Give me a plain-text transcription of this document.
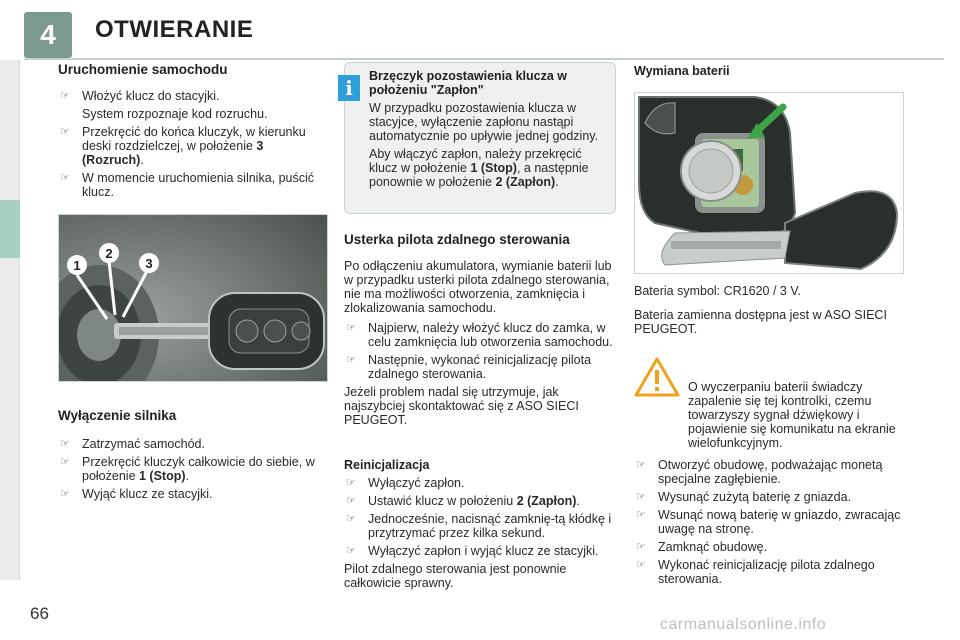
4	OTWIERANIE
Uruchomienie samochodu
☞ Włożyć klucz do stacyjki.
System rozpoznaje kod rozruchu.
☞ Przekręcić do końca kluczyk, w kierunku deski rozdzielczej, w położenie 3 (Rozruch).
☞ W momencie uruchomienia silnika, puścić klucz.
1
2
3
Wyłączenie silnika
☞ Zatrzymać samochód.
☞ Przekręcić kluczyk całkowicie do siebie, w położenie 1 (Stop).
☞ Wyjąć klucz ze stacyjki.
Brzęczyk pozostawienia klucza w położeniu "Zapłon"
W przypadku pozostawienia klucza w stacyjce, wyłączenie zapłonu nastąpi automatycznie po upływie jednej godziny.
Aby włączyć zapłon, należy przekręcić klucz w położenie 1 (Stop), a następnie ponownie w położenie 2 (Zapłon).
i
Usterka pilota zdalnego sterowania
Po odłączeniu akumulatora, wymianie baterii lub w przypadku usterki pilota zdalnego sterowania, nie ma możliwości otworzenia, zamknięcia i zlokalizowania samochodu.
☞ Najpierw, należy włożyć klucz do zamka, w celu zamknięcia lub otworzenia samochodu.
☞ Następnie, wykonać reinicjalizację pilota zdalnego sterowania.
Jeżeli problem nadal się utrzymuje, jak najszybciej skontaktować się z ASO SIECI PEUGEOT.
Reinicjalizacja
☞ Wyłączyć zapłon.
☞ Ustawić klucz w położeniu 2 (Zapłon).
☞ Jednocześnie, nacisnąć zamknię-tą kłódkę i przytrzymać przez kilka sekund.
☞ Wyłączyć zapłon i wyjąć klucz ze stacyjki.
Pilot zdalnego sterowania jest ponownie całkowicie sprawny.
Wymiana baterii
Bateria symbol: CR1620 / 3 V.
Bateria zamienna dostępna jest w ASO SIECI PEUGEOT.
O wyczerpaniu baterii świadczy zapalenie się tej kontrolki, czemu towarzyszy sygnał dźwiękowy i pojawienie się komunikatu na ekranie wielofunkcyjnym.
☞ Otworzyć obudowę, podważając monetą specjalne zagłębienie.
☞ Wysunąć zużytą baterię z gniazda.
☞ Wsunąć nową baterię w gniazdo, zwracając uwagę na stronę.
☞ Zamknąć obudowę.
☞ Wykonać reinicjalizację pilota zdalnego sterowania.
66
carmanualsonline.info
